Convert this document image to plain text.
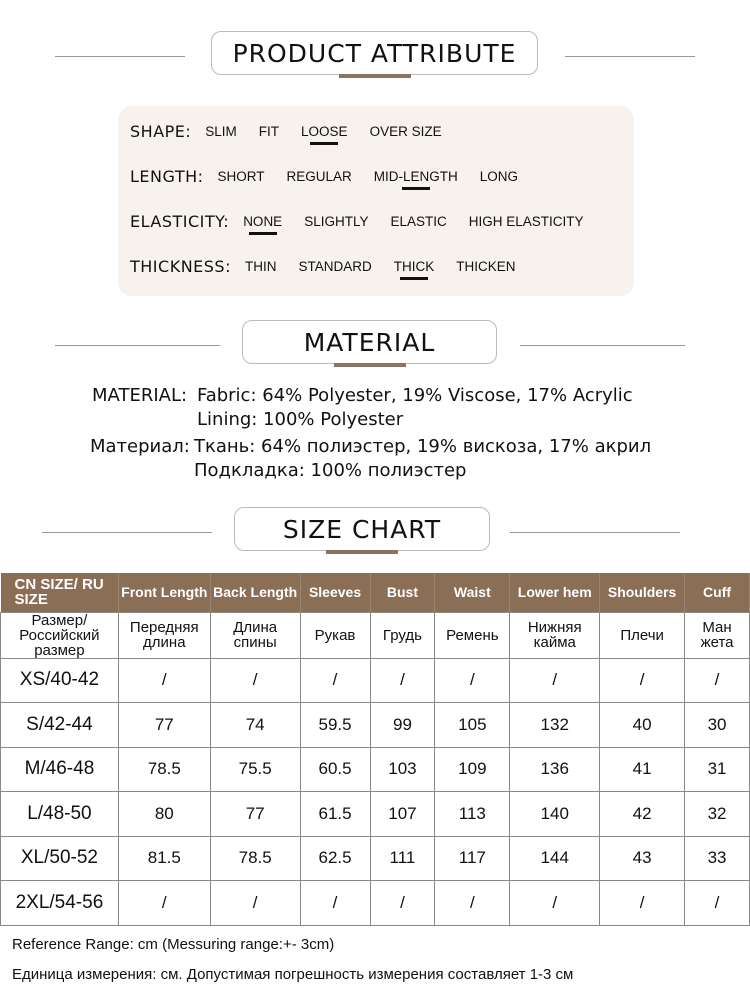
PRODUCT ATTRIBUTE
SHAPE: SLIM FIT LOOSE OVER SIZE
LENGTH: SHORT REGULAR MID-LENGTH LONG
ELASTICITY: NONE SLIGHTLY ELASTIC HIGH ELASTICITY
THICKNESS: THIN STANDARD THICK THICKEN
MATERIAL
MATERIAL: Fabric: 64% Polyester, 19% Viscose, 17% Acrylic
Lining: 100% Polyester
Материал: Ткань: 64% полиэстер, 19% вискоза, 17% акрил
Подкладка: 100% полиэстер
SIZE CHART
CN SIZE/ RU SIZE	Front Length	Back Length	Sleeves	Bust	Waist	Lower hem	Shoulders	Cuff
Размер/ Российский размер	Передняя длина	Длина спины	Рукав	Грудь	Ремень	Нижняя кайма	Плечи	Ман жета
XS/40-42	/	/	/	/	/	/	/	/
S/42-44	77	74	59.5	99	105	132	40	30
M/46-48	78.5	75.5	60.5	103	109	136	41	31
L/48-50	80	77	61.5	107	113	140	42	32
XL/50-52	81.5	78.5	62.5	111	117	144	43	33
2XL/54-56	/	/	/	/	/	/	/	/
Reference Range: cm (Messuring range:+- 3cm)
Единица измерения: см. Допустимая погрешность измерения составляет 1-3 см
